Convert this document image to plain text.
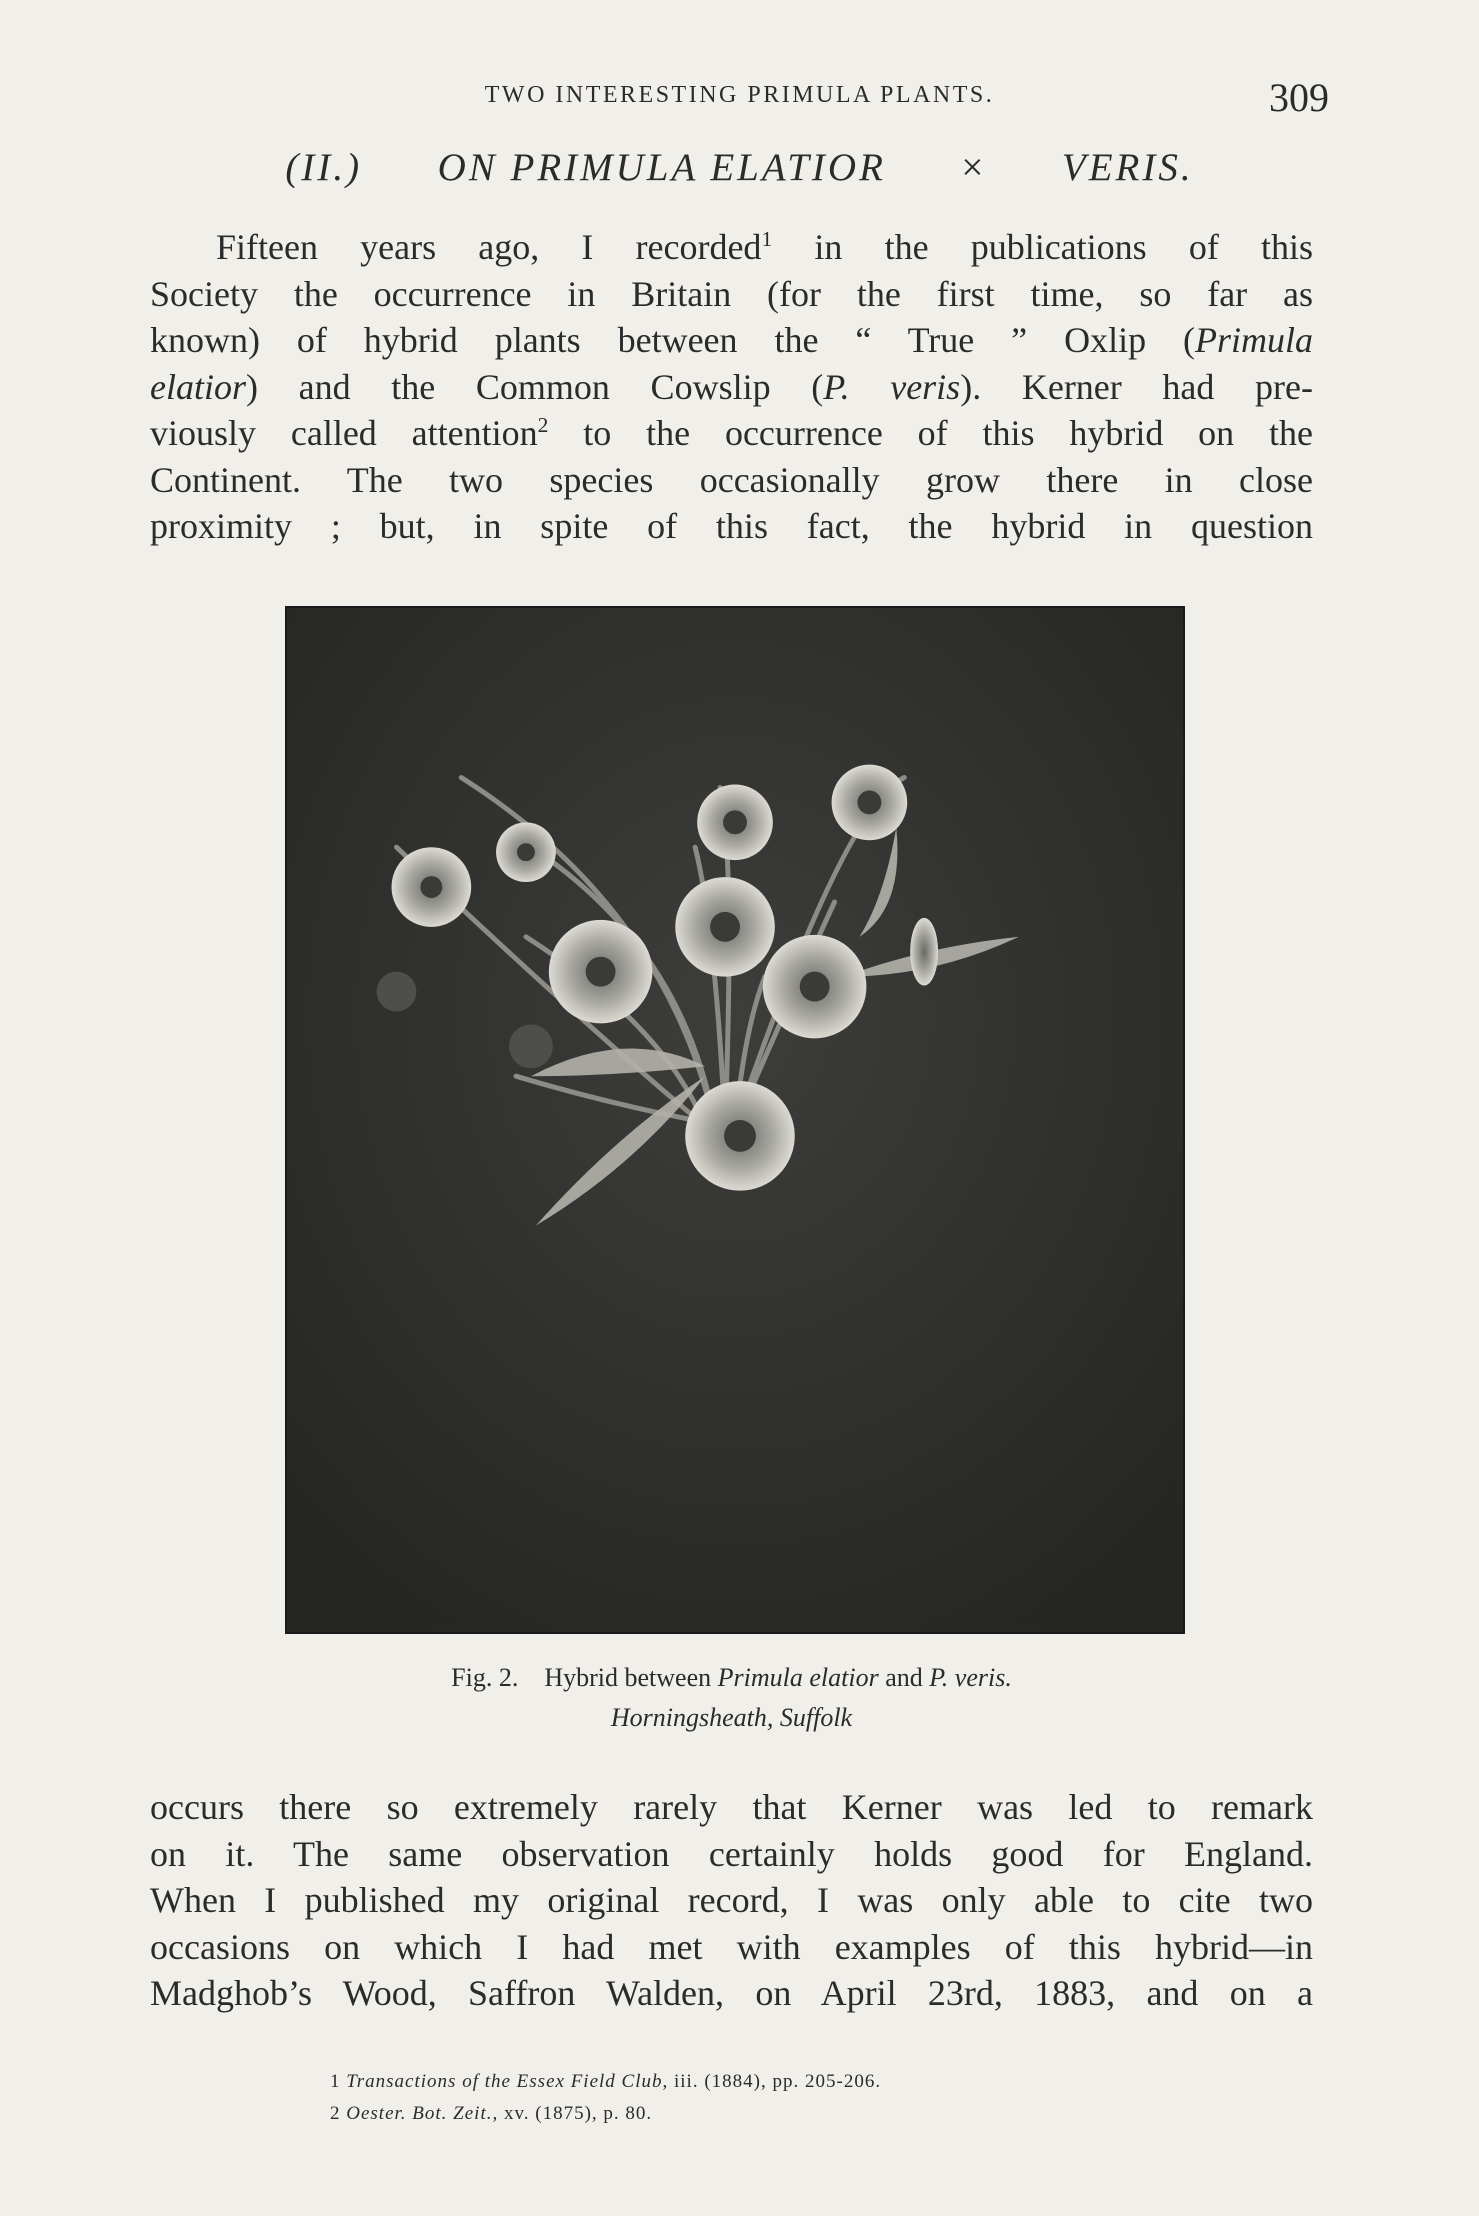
TWO INTERESTING PRIMULA PLANTS.	309
(II.) ON PRIMULA ELATIOR × VERIS.
Fifteen years ago, I recorded$^1$ in the publications of this
Society the occurrence in Britain (for the first time, so far as
known) of hybrid plants between the “ True ” Oxlip (Primula
elatior) and the Common Cowslip (P. veris). Kerner had pre-
viously called attention$^2$ to the occurrence of this hybrid on the
Continent. The two species occasionally grow there in close
proximity ; but, in spite of this fact, the hybrid in question
Fig. 2. Hybrid between Primula elatior and P. veris.
Horningsheath, Suffolk
occurs there so extremely rarely that Kerner was led to remark
on it. The same observation certainly holds good for England.
When I published my original record, I was only able to cite two
occasions on which I had met with examples of this hybrid—in
Madghob’s Wood, Saffron Walden, on April 23rd, 1883, and on a
1 Transactions of the Essex Field Club, iii. (1884), pp. 205-206.
2 Oester. Bot. Zeit., xv. (1875), p. 80.
